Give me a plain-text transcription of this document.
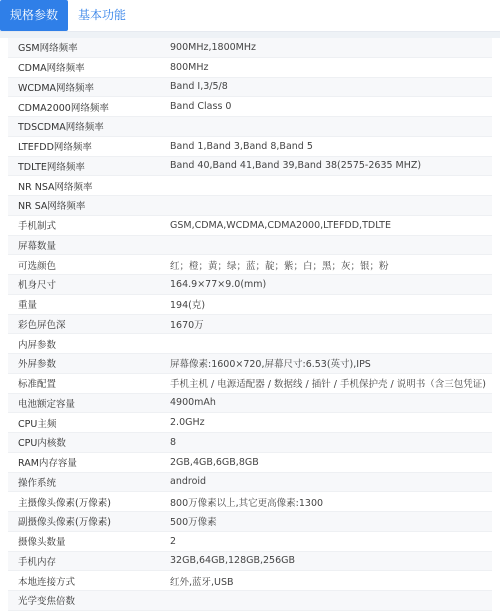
规格参数	基本功能
GSM网络频率	900MHz,1800MHz
CDMA网络频率	800MHz
WCDMA网络频率	Band Ⅰ,3/5/8
CDMA2000网络频率	Band Class 0
TDSCDMA网络频率
LTEFDD网络频率	Band 1,Band 3,Band 8,Band 5
TDLTE网络频率	Band 40,Band 41,Band 39,Band 38(2575-2635 MHZ)
NR NSA网络频率
NR SA网络频率
手机制式	GSM,CDMA,WCDMA,CDMA2000,LTEFDD,TDLTE
屏幕数量
可选颜色	红；橙；黄；绿；蓝；靛；紫；白；黑；灰；银；粉
机身尺寸	164.9×77×9.0(mm)
重量	194(克)
彩色屏色深	1670万
内屏参数
外屏参数	屏幕像素:1600×720,屏幕尺寸:6.53(英寸),IPS
标准配置	手机主机 / 电源适配器 / 数据线 / 插针 / 手机保护壳 / 说明书（含三包凭证)
电池额定容量	4900mAh
CPU主频	2.0GHz
CPU内核数	8
RAM内存容量	2GB,4GB,6GB,8GB
操作系统	android
主摄像头像素(万像素)	800万像素以上,其它更高像素:1300
副摄像头像素(万像素)	500万像素
摄像头数量	2
手机内存	32GB,64GB,128GB,256GB
本地连接方式	红外,蓝牙,USB
光学变焦倍数
